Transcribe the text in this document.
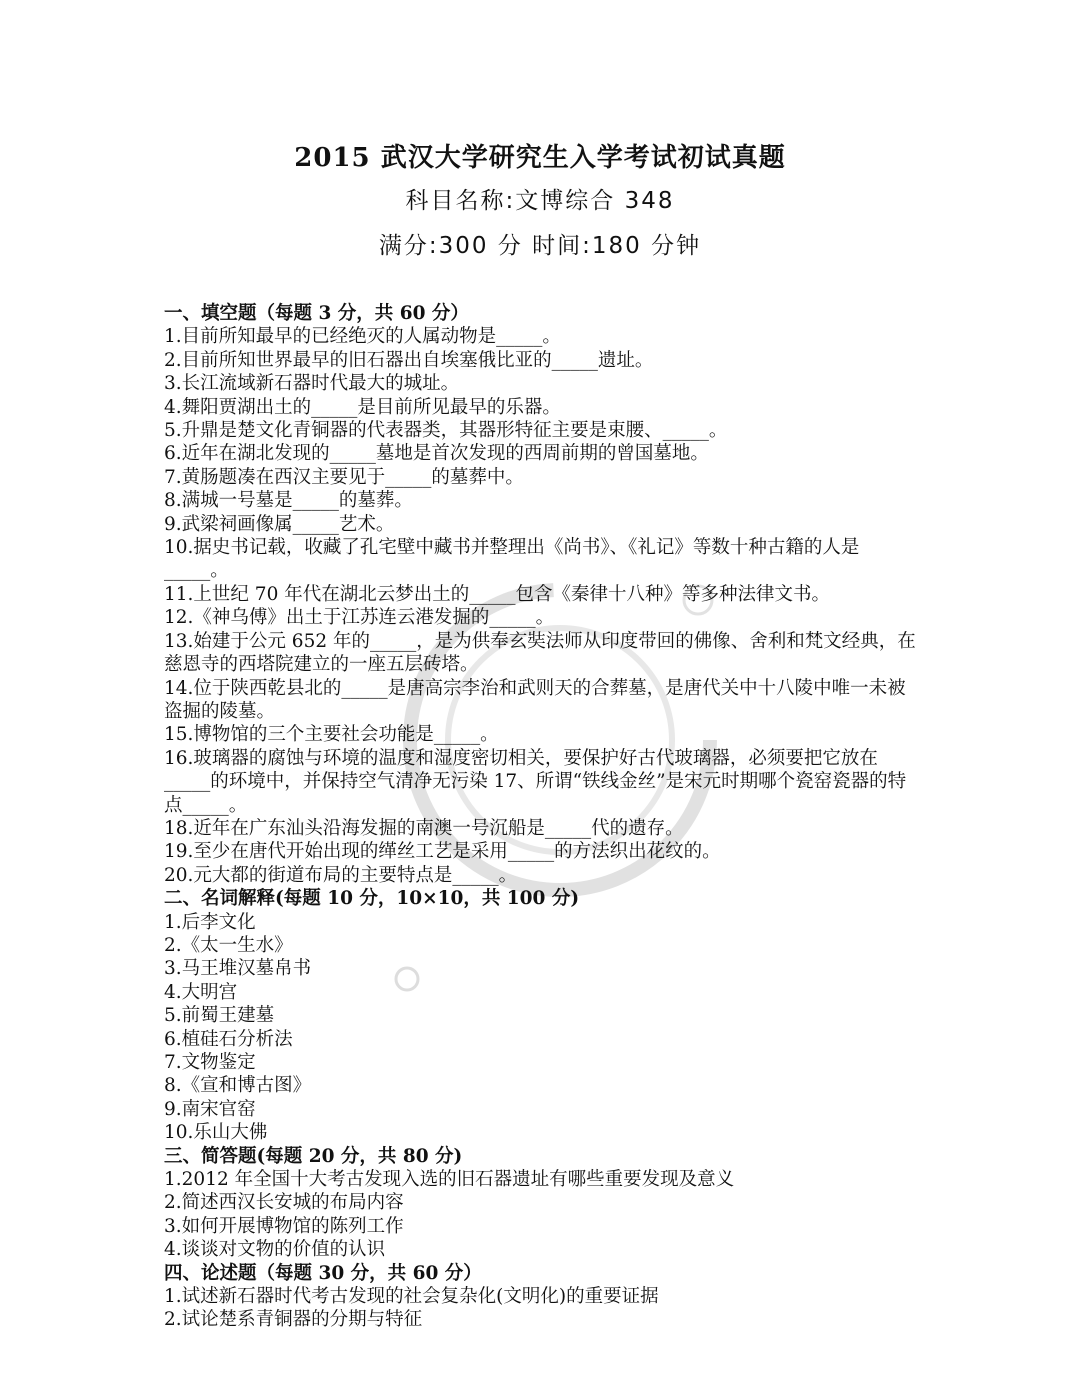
2015 武汉大学研究生入学考试初试真题
科目名称:文博综合 348
满分:300 分 时间:180 分钟
一、填空题（每题 3 分，共 60 分）
1.目前所知最早的已经绝灭的人属动物是_____。
2.目前所知世界最早的旧石器出自埃塞俄比亚的_____遗址。
3.长江流域新石器时代最大的城址。
4.舞阳贾湖出土的_____是目前所见最早的乐器。
5.升鼎是楚文化青铜器的代表器类，其器形特征主要是束腰、_____。
6.近年在湖北发现的_____墓地是首次发现的西周前期的曾国墓地。
7.黄肠题凑在西汉主要见于_____的墓葬中。
8.满城一号墓是_____的墓葬。
9.武梁祠画像属_____艺术。
10.据史书记载，收藏了孔宅壁中藏书并整理出《尚书》、《礼记》等数十种古籍的人是_____。
11.上世纪 70 年代在湖北云梦出土的_____包含《秦律十八种》等多种法律文书。
12.《神乌傅》出土于江苏连云港发掘的_____。
13.始建于公元 652 年的_____，是为供奉玄奘法师从印度带回的佛像、舍利和梵文经典，在慈恩寺的西塔院建立的一座五层砖塔。
14.位于陕西乾县北的_____是唐高宗李治和武则天的合葬墓，是唐代关中十八陵中唯一未被盗掘的陵墓。
15.博物馆的三个主要社会功能是_____。
16.玻璃器的腐蚀与环境的温度和湿度密切相关，要保护好古代玻璃器，必须要把它放在_____的环境中，并保持空气清净无污染 17、所谓“铁线金丝”是宋元时期哪个瓷窑瓷器的特点_____。
18.近年在广东汕头沿海发掘的南澳一号沉船是_____代的遗存。
19.至少在唐代开始出现的缂丝工艺是采用_____的方法织出花纹的。
20.元大都的街道布局的主要特点是_____。
二、名词解释(每题 10 分，10×10，共 100 分)
1.后李文化
2.《太一生水》
3.马王堆汉墓帛书
4.大明宫
5.前蜀王建墓
6.植硅石分析法
7.文物鉴定
8.《宣和博古图》
9.南宋官窑
10.乐山大佛
三、简答题(每题 20 分，共 80 分)
1.2012 年全国十大考古发现入选的旧石器遗址有哪些重要发现及意义
2.简述西汉长安城的布局内容
3.如何开展博物馆的陈列工作
4.谈谈对文物的价值的认识
四、论述题（每题 30 分，共 60 分）
1.试述新石器时代考古发现的社会复杂化(文明化)的重要证据
2.试论楚系青铜器的分期与特征
